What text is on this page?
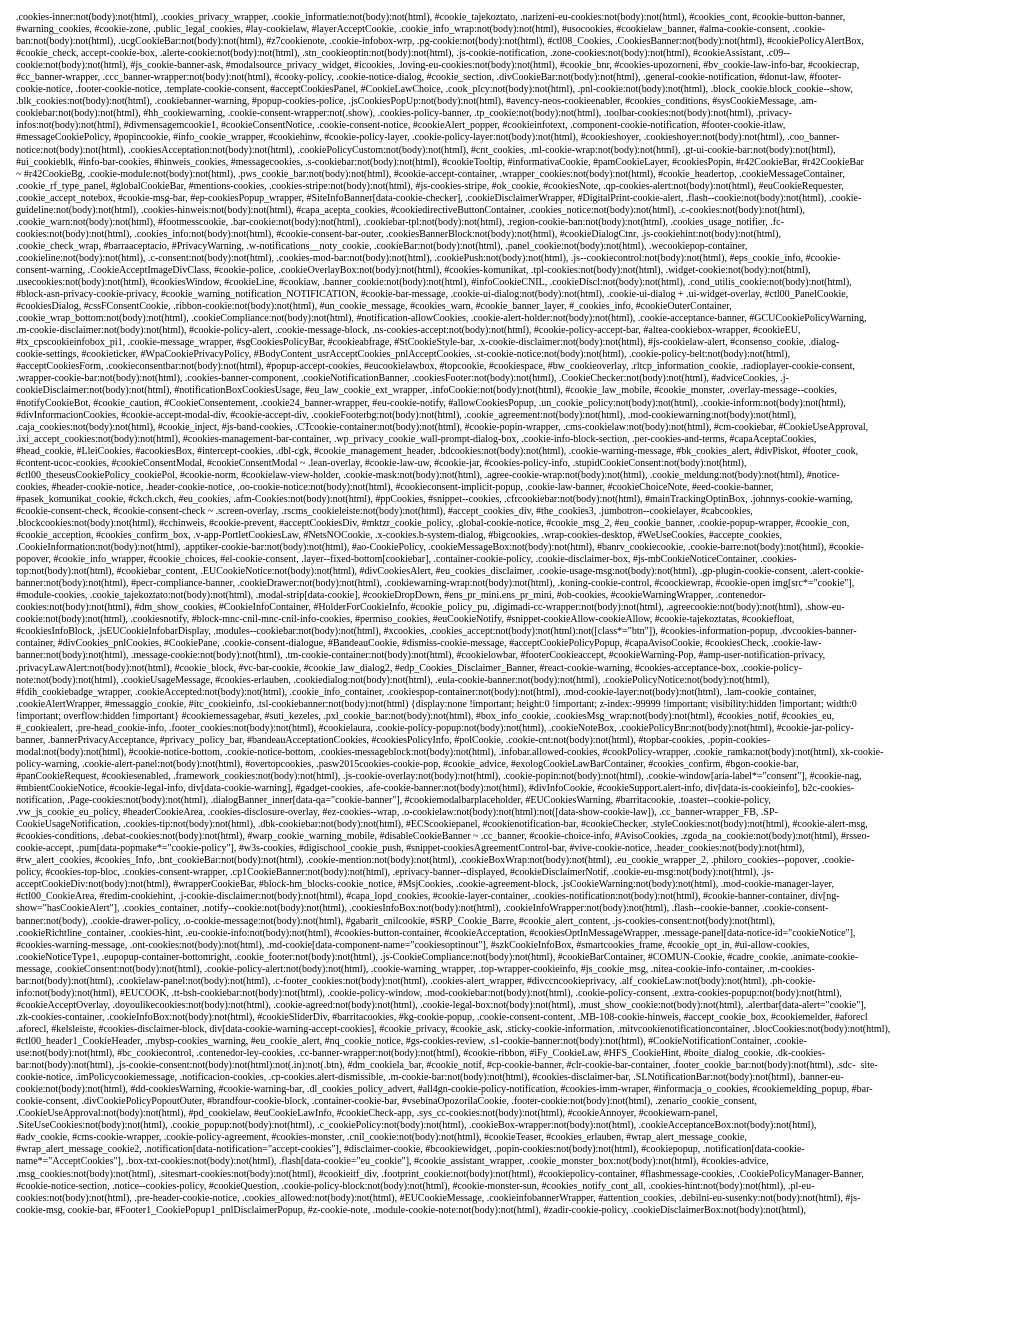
.cookies-inner:not(body):not(html), .cookies_privacy_wrapper, .cookie_informatie:not(body):not(html), #cookie_tajekoztato, .narizeni-eu-cookies:not(body):not(html), #cookies_cont, #cookie-button-banner,
#warning_cookies, #cookie-zone, .public_legal_cookies, #lay-cookielaw, #layerAcceptCookie, .cookie_info_wrap:not(body):not(html), #usocookies, #cookielaw_banner, #alma-cookie-consent, .cookie-
ban:not(body):not(html), .ucgCookieBar:not(body):not(html), #z7cookienote, .cookie-infobox-wrp, .pg-cookie:not(body):not(html), #ctl08_Cookies, .CookiesBanner:not(body):not(html), #cookiePolicyAlertBox,
#cookie_check, accept-cookie-box, .alerte-cookie:not(body):not(html), .stn_cookieoptin:not(body):not(html), .js-cookie-notification, .zone-cookies:not(body):not(html), #cookieAssistant, .c09--
cookie:not(body):not(html), #js_cookie-banner-ask, #modalsource_privacy_widget, #icookies, .loving-eu-cookies:not(body):not(html), #cookie_bnr, #cookies-upozorneni, #bv_cookie-law-info-bar, #cookiecrap,
#cc_banner-wrapper, .ccc_banner-wrapper:not(body):not(html), #cooky-policy, .cookie-notice-dialog, #cookie_section, .divCookieBar:not(body):not(html), .general-cookie-notification, #donut-law, #footer-
cookie-notice, .footer-cookie-notice, .template-cookie-consent, #acceptCookiesPanel, #CookieLawChoice, .cook_plcy:not(body):not(html), .pnl-cookie:not(body):not(html), .block_cookie.block_cookie--show,
.blk_cookies:not(body):not(html), .cookiebanner-warning, #popup-cookies-police, .jsCookiesPopUp:not(body):not(html), #avency-neos-cookieenabler, #cookies_conditions, #sysCookieMessage, .am-
cookiebar:not(body):not(html), #hh_cookiewarning, .cookie-consent-wrapper:not(.show), .cookies-policy-banner, .tp_cookie:not(body):not(html), .toolbar-cookies:not(body):not(html), .privacy-
infos:not(body):not(html), #divmensagemcookie1, #cookieConsentNotice, .cookie-consent-notice, #cookieAlert_popper, #cookieinfotext, .component-cookie-notification, #footer-cookie-itlaw,
#messageCookiePolicy, #popincookie, #info_cookie_wrapper, #cookiehinw, #cookie-policy-layer, .cookie-policy-layer:not(body):not(html), #cookieshoyer, .cookieshoyer:not(body):not(html), .coo_banner-
notice:not(body):not(html), .cookiesAcceptation:not(body):not(html), .cookiePolicyCustom:not(body):not(html), #cnt_cookies, .ml-cookie-wrap:not(body):not(html), .gt-ui-cookie-bar:not(body):not(html),
#ui_cookieblk, #info-bar-cookies, #hinweis_cookies, #messagecookies, .s-cookiebar:not(body):not(html), #cookieTooltip, #informativaCookie, #pamCookieLayer, #cookiesPopin, #r42CookieBar, #r42CookieBar
~ #r42CookieBg, .cookie-module:not(body):not(html), .pws_cookie_bar:not(body):not(html), #cookie-accept-container, .wrapper_cookies:not(body):not(html), #cookie_headertop, .cookieMessageContainer,
.cookie_rf_type_panel, #globalCookieBar, #mentions-cookies, .cookies-stripe:not(body):not(html), #js-cookies-stripe, #ok_cookie, #cookiesNote, .qp-cookies-alert:not(body):not(html), #euCookieRequester,
.cookie_accept_notebox, #cookie-msg-bar, #ep-cookiesPopup_wrapper, #SiteInfoBanner[data-cookie-checker], .cookieDisclaimerWrapper, #DigitalPrint-cookie-alert, .flash--cookie:not(body):not(html), .cookie-
guideline:not(body):not(html), .cookies-hinweis:not(body):not(html), #capa_acepta_cookies, #cookiedirectiveButtonContainer, .cookies_notice:not(body):not(html), .c-cookies:not(body):not(html),
.cookie_warn:not(body):not(html), #footmesscookie, .bar-cookie:not(body):not(html), .cookiebar-tpl:not(body):not(html), .region-cookie-ban:not(body):not(html), .cookies_usage_notifier, .fc-
cookies:not(body):not(html), .cookies_info:not(body):not(html), #cookie-consent-bar-outer, .cookiesBannerBlock:not(body):not(html), #cookieDialogCtnr, .js-cookiehint:not(body):not(html),
.cookie_check_wrap, #barraaceptacio, #PrivacyWarning, .w-notifications__noty_cookie, .cookieBar:not(body):not(html), .panel_cookie:not(body):not(html), .wecookiepop-container,
.cookieline:not(body):not(html), .c-consent:not(body):not(html), .cookies-mod-bar:not(body):not(html), .cookiePush:not(body):not(html), .js--cookiecontrol:not(body):not(html), #eps_cookie_info, #cookie-
consent-warning, .CookieAcceptImageDivClass, #cookie-police, .cookieOverlayBox:not(body):not(html), #cookies-komunikat, .tpl-cookies:not(body):not(html), .widget-cookie:not(body):not(html),
.usecookies:not(body):not(html), #cookiesWindow, #cookieLine, #cookiaw, .banner_cookie:not(body):not(html), #infoCookieCNIL, .cookieDiscl:not(body):not(html), .cond_utilis_cookie:not(body):not(html),
#block-asn-privacy-cookie-privacy, #cookie_warning_notification_NOTIFICATION, #cookie-bar-message, .cookie-ui-dialog:not(body):not(html), .cookie-ui-dialog + .ui-widget-overlay, #ctl00_PanelCookie,
#cookiesDialog, #cssFConsentCookie, .ribbon-cookie:not(body):not(html), #un_cookie_message, #cookies_warn, #cookie_banner_layer, #_cookies_info, #cookieOuterContainer,
.cookie_wrap_bottom:not(body):not(html), .cookieCompliance:not(body):not(html), #notification-allowCookies, .cookie-alert-holder:not(body):not(html), .cookie-acceptance-banner, #GCUCookiePolicyWarning,
.m-cookie-disclaimer:not(body):not(html), #cookie-policy-alert, .cookie-message-block, .ns-cookies-accept:not(body):not(html), #cookie-policy-accept-bar, #altea-cookiebox-wrapper, #cookieEU,
#tx_cpscookieinfobox_pi1, .cookie-message_wrapper, #sgCookiesPolicyBar, #cookieabfrage, #StCookieStyle-bar, .x-cookie-disclaimer:not(body):not(html), #js-cookielaw-alert, #consenso_cookie, .dialog-
cookie-settings, #cookieticker, #WpaCookiePrivacyPolicy, #BodyContent_usrAcceptCookies_pnlAcceptCookies, .st-cookie-notice:not(body):not(html), .cookie-policy-belt:not(body):not(html),
#acceptCookiesForm, .cookieconsentbar:not(body):not(html), #popup-accept-cookies, #eucookielawbox, #topcookie, #cookiespace, #bw_cookieoverlay, .rltcp_information_cookie, .radioplayer-cookie-consent,
.wrapper-cookie-bar:not(body):not(html), .cookies-banner-component, .cookieNotificationBanner, .cookiesFooter:not(body):not(html), .CookieChecker:not(body):not(html), #adviceCookies, .j-
cookieDisclaimer:not(body):not(html), #notificationBoxCookiesUsage, #eu_law_cookie_ext_wrapper, .infoCookie:not(body):not(html), #cookie_law_mobile, #cookie_monster, .overlay-message--cookies,
#notifyCookieBot, #cookie_caution, #CookieConsentement, .cookie24_banner-wrapper, #eu-cookie-notify, #allowCookiesPopup, .un_cookie_policy:not(body):not(html), .cookie-inform:not(body):not(html),
#divInformacionCookies, #cookie-accept-modal-div, #cookie-accept-div, .cookieFooterbg:not(body):not(html), .cookie_agreement:not(body):not(html), .mod-cookiewarning:not(body):not(html),
.caja_cookies:not(body):not(html), #cookie_inject, #js-band-cookies, .CTcookie-container:not(body):not(html), #cookie-popin-wrapper, .cms-cookielaw:not(body):not(html), #cm-cookiebar, #CookieUseApproval,
.ixi_accept_cookies:not(body):not(html), #cookies-management-bar-container, .wp_privacy_cookie_wall-prompt-dialog-box, .cookie-info-block-section, .per-cookies-and-terms, #capaAceptaCookies,
#head_cookie, #LleiCookies, #acookiesBox, #intercept-cookies, .dbl-cgk, #cookie_management_header, .bdcookies:not(body):not(html), .cookie-warning-message, #bk_cookies_alert, #divPiskot, #footer_cook,
#content-ucoc-cookies, #cookieConsentModal, #cookieConsentModal ~ .lean-overlay, #cookie-law-uw, #cookie-jar, #cookies-policy-info, .stupidCookieConsent:not(body):not(html),
#ctl00_theseusCookiePolicy_cookiePol, #cookie-norm, #cookielaw-view-holder, .cookie-mask:not(body):not(html), .agree-cookie-wrap:not(body):not(html), .cookie_meldung:not(body):not(html), #notice-
cookies, #header-cookie-notice, .header-cookie-notice, .oo-cookie-notice:not(body):not(html), #cookieconsent-implicit-popup, .cookie-law-banner, #cookieChoiceNote, #eed-cookie-banner,
#pasek_komunikat_cookie, #ckch.ckch, #eu_cookies, .afm-Cookies:not(body):not(html), #ppCookies, #snippet--cookies, .cfrcookiebar:not(body):not(html), #mainTrackingOptinBox, .johnnys-cookie-warning,
#cookie-consent-check, #cookie-consent-check ~ .screen-overlay, .rscms_cookieleiste:not(body):not(html), #accept_cookies_div, #the_cookies3, .jumbotron--cookielayer, #cabcookies,
.blockcookies:not(body):not(html), #cchinweis, #cookie-prevent, #acceptCookiesDiv, #mktzr_cookie_policy, .global-cookie-notice, #cookie_msg_2, #eu_cookie_banner, .cookie-popup-wrapper, #cookie_con,
#cookie_acception, #cookies_confirm_box, .v-app-PortletCookiesLaw, #NetsNOCookie, .x-cookies.b-system-dialog, #bigcookies, .wrap-cookies-desktop, #WeUseCookies, #accepte_cookies,
.CookieInformation:not(body):not(html), .apptiker-cookie-bar:not(body):not(html), #ao-CookiePolicy, .cookieMessageBox:not(body):not(html), #banrv_cookiecookie, .cookie-barre:not(body):not(html), #cookie-
popover, #cookie_info_wrapper, #cookie_choices, #el-cookie-consent, .layer--fixed-bottom[cookiebar], .container-cookie-policy, .cookie-disclaimer-box, #js-mbCookieNoticeContainer, .cookies-
top:not(body):not(html), #cookiebar_content, .EUCookieNotice:not(body):not(html), #divCookiesAlert, #eu_cookies_disclaimer, .cookie-usage-msg:not(body):not(html), .gp-plugin-cookie-consent, .alert-cookie-
banner:not(body):not(html), #pecr-compliance-banner, .cookieDrawer:not(body):not(html), .cookiewarning-wrap:not(body):not(html), .koning-cookie-control, #coockiewrap, #cookie-open img[src*="cookie"],
#module-cookies, .cookie_tajekoztato:not(body):not(html), .modal-strip[data-cookie], #cookieDropDown, #ens_pr_mini.ens_pr_mini, #ob-cookies, #cookieWarningWrapper, .contenedor-
cookies:not(body):not(html), #dm_show_cookies, #CookieInfoContainer, #HolderForCookieInfo, #cookie_policy_pu, .digimadi-cc-wrapper:not(body):not(html), .agreecookie:not(body):not(html), .show-eu-
cookie:not(body):not(html), .cookiesnotify, #block-mnc-cnil-mnc-cnil-info-cookies, #permiso_cookies, #euCookieNotify, #snippet-cookieAllow-cookieAllow, #cookie-tajekoztatas, #cookiefloat,
#cookiesInfoBlock, .jsEUCookieInfobarDisplay, .modules--cookiebar:not(body):not(html), #xcookies, .cookies_accept:not(body):not(html):not([class*="btn"]), #cookies-information-popup, .dvcookies-banner-
container, #divCookies_pnlCookies, #CookiePane, .cookie-consent-dialogue, #BandeauCookie, #dismiss-cookie-message, #acceptCookiePolicyPopup, #capaAvisoCookie, #cookiesCheck, .cookie-law-
banner:not(body):not(html), .message-cookie:not(body):not(html), .tm-cookie-container:not(body):not(html), #cookielowbar, #footerCookieaccept, #cookieWarning-Pop, #amp-user-notification-privacy,
.privacyLawAlert:not(body):not(html), #cookie_block, #vc-bar-cookie, #cookie_law_dialog2, #edp_Cookies_Disclaimer_Banner, #react-cookie-warning, #cookies-acceptance-box, .cookie-policy-
note:not(body):not(html), .cookieUsageMessage, #cookies-erlauben, .cookiedialog:not(body):not(html), .eula-cookie-banner:not(body):not(html), .cookiePolicyNotice:not(body):not(html),
#fdih_cookiebadge_wrapper, .cookieAccepted:not(body):not(html), .cookie_info_container, .cookiespop-container:not(body):not(html), .mod-cookie-layer:not(body):not(html), .lam-cookie_container,
.cookieAlertWrapper, #messaggio_cookie, #itc_cookieinfo, .tsl-cookiebanner:not(body):not(html) {display:none !important; height:0 !important; z-index:-99999 !important; visibility:hidden !important; width:0
!important; overflow:hidden !important} #cookiemessagebar, #suti_kezeles, .pxl_cookie_bar:not(body):not(html), #box_info_cookie, .cookiesMsg_wrap:not(body):not(html), #cookies_notif, #cookies_eu,
#_cookiealert, .pre-head_cookie-info, .footer_cookies:not(body):not(html), #cookielaura, .cookie-policy-popup:not(body):not(html), .cookieNoteBox, .cookiePolicyBnr:not(body):not(html), #cookie-jar-policy-
banner, .bannerPrivacyAcceptance, #privacy_policy_bar, #bandeauAcceptationCookies, #cookiesPolicyInfo, #polCookie, .cookie-cnt:not(body):not(html), #topbar-cookies, .popin-cookies-
modal:not(body):not(html), #cookie-notice-bottom, .cookie-notice-bottom, .cookies-messageblock:not(body):not(html), .infobar.allowed-cookies, #cookPolicy-wrapper, .cookie_ramka:not(body):not(html), xk-cookie-
policy-warning, .cookie-alert-panel:not(body):not(html), #overtopcookies, .pasw2015cookies-cookie-pop, #cookie_advice, #exologCookieLawBarContainer, #cookies_confirm, #bgon-cookie-bar,
#panCookieRequest, #cookiesenabled, .framework_cookies:not(body):not(html), .js-cookie-overlay:not(body):not(html), .cookie-popin:not(body):not(html), .cookie-window[aria-label*="consent"], #cookie-nag,
#mbientCookieNotice, #cookie-legal-info, div[data-cookie-warning], #gadget-cookies, .afe-cookie-banner:not(body):not(html), #divInfoCookie, #cookieSupport.alert-info, div[data-is-cookieinfo], b2c-cookies-
notification, .Page-cookies:not(body):not(html), .dialogBanner_inner[data-qa="cookie-banner"], #cookiemodalbarplaceholder, #EUCookiesWarning, #barritacookie, .toaster--cookie-policy,
.vw_js_cookie_eu_policy, #headerCookieArea, .cookies-disclosure-overlay, #ez-cookies--wrap, .o-cookielaw:not(body):not(html):not([data-show-cookie-law]), .cc_banner-wrapper_FB, .SP-
CookieUsageNotification, .cookies-tip:not(body):not(html), .dbk-cookiebar:not(body):not(html), #ECScookiepanel, #cookienotification-bar, #cookieChecker, .styleCookies:not(body):not(html), #cookie-alert-msg,
#cookies-conditions, .debat-cookies:not(body):not(html), #warp_cookie_warning_mobile, #disableCookieBanner ~ .cc_banner, #cookie-choice-info, #AvisoCookies, .zgoda_na_cookie:not(body):not(html), #rsseo-
cookie-accept, .pum[data-popmake*="cookie-policy"], #w3s-cookies, #digischool_cookie_push, #snippet-cookiesAgreementControl-bar, #vive-cookie-notice, .header_cookies:not(body):not(html),
#rw_alert_cookies, #cookies_Info, .bnt_cookieBar:not(body):not(html), .cookie-mention:not(body):not(html), .cookieBoxWrap:not(body):not(html), .eu_cookie_wrapper_2, .philoro_cookies--popover, .cookie-
policy, #cookies-top-bloc, .cookies-consent-wrapper, .cp1CookieBanner:not(body):not(html), .eprivacy-banner--displayed, #cookieDisclaimerNotif, .cookie-eu-msg:not(body):not(html), .js-
acceptCookieDiv:not(body):not(html), #wrapperCookieBar, #block-hm_blocks-cookie_notice, #MsjCookies, .cookie-agreement-block, .jsCookieWarning:not(body):not(html), .mod-cookie-manager-layer,
#ctl00_CookieArea, #redim-cookiehint, .j-cookie-disclaimer:not(body):not(html), #capa_lopd_cookies, #cookie-layer-container, .cookies-notification:not(body):not(html), #cookie-banner-container, div[ng-
show="hasCookieAlert"], .cookies_container, .notify--cookie:not(body):not(html), .cookiesInfoBox:not(body):not(html), .cookieInfoWrapper:not(body):not(html), .flash--cookie-banner, .cookie-consent-
banner:not(body), .cookie-drawer-policy, .o-cookie-message:not(body):not(html), #gabarit_cnilcookie, #SRP_Cookie_Barre, #cookie_alert_content, .js-cookies-consent:not(body):not(html),
.cookieRichtline_container, .cookies-hint, .eu-cookie-info:not(body):not(html), #cookies-button-container, #cookieAcceptation, #cookiesOptInMessageWrapper, .message-panel[data-notice-id="cookieNotice"],
#cookies-warning-message, .ont-cookies:not(body):not(html), .md-cookie[data-component-name="cookiesoptinout"], #szkCookieInfoBox, #smartcookies_frame, #cookie_opt_in, #ui-allow-cookies,
.cookieNoticeType1, .eupopup-container-bottomright, .cookie_footer:not(body):not(html), .js-CookieCompliance:not(body):not(html), #cookieBarContainer, #COMUN-Cookie, #cadre_cookie, .animate-cookie-
message, .cookieConsent:not(body):not(html), .cookie-policy-alert:not(body):not(html), .cookie-warning_wrapper, .top-wrapper-cookieinfo, #js_cookie_msg, .nitea-cookie-info-container, .m-cookies-
bar:not(body):not(html), .cookielaw-panel:not(body):not(html), .c-footer_cookies:not(body):not(html), .cookies-alert_wrapper, #divccncookieprivacy, .alf_cookieLaw:not(body):not(html), .ph-cookie-
info:not(body):not(html), #EUCOOK, .tt-bsh-cookiebar:not(body):not(html), .cookie-policy-window, .mod-cookiebar:not(body):not(html), .cookie-policy-consent, .extra-cookies-popup:not(body):not(html),
#cookieAcceptOverlay, .doyoulikecookies:not(body):not(html), .cookie-agreed:not(body):not(html), .cookie-legal-box:not(body):not(html), .must_show_cookie:not(body):not(html), .alertbar[data-alert="cookie"],
.zk-cookies-container, .cookieInfoBox:not(body):not(html), #cookieSliderDiv, #barritacookies, #kg-cookie-popup, .cookie-consent-content, .MB-108-cookie-hinweis, #accept_cookie_box, #cookiemelder, #aforecl
.aforecl, #kelsleiste, #cookies-disclaimer-block, div[data-cookie-warning-accept-cookies], #cookie_privacy, #cookie_ask, .sticky-cookie-information, .mitvcookienotificationcontainer, .blocCookies:not(body):not(html),
#ctl00_header1_CookieHeader, .mybsp-cookies_warning, #eu_cookie_alert, #nq_cookie_notice, #gs-cookies-review, .s1-cookie-banner:not(body):not(html), #CookieNotificationContainer, .cookie-
use:not(body):not(html), #bc_cookiecontrol, .contenedor-ley-cookies, .cc-banner-wrapper:not(body):not(html), #cookie-ribbon, #iFy_CookieLaw, #HFS_CookieHint, #boite_dialog_cookie, .dk-cookies-
bar:not(body):not(html), .js-cookie-consent:not(body):not(html):not(.in):not(.btn), #dm_cookiela_bar, #cookie_notif, #cp-cookie-banner, #clr-cookie-bar-container, .footer_cookie_bar:not(body):not(html), .sdc-  site-
cookie-notice, .imPolicycookiemessage, .notificacion-cookies, .cp-cookies.alert-dismissible, .m-cookie-bar:not(body):not(html), #cookies-disclaimer-bar, .SLNotificationBar:not(body):not(html), .banner-eu-
cookie:not(body):not(html), #dd-cookiesWarning, #cookie-warning-bar, .dl_cookies_policy_advert, #all4gn-cookie-policy-notification, #cookies-imm-wraper, #informacja_o_cookies, #cookiemelding_popup, #bar-
cookie-consent, .divCookiePolicyPopoutOuter, #brandfour-cookie-block, .container-cookie-bar, #vsebinaOpozorilaCookie, .footer-cookie:not(body):not(html), .zenario_cookie_consent,
.CookieUseApproval:not(body):not(html), #pd_cookielaw, #euCookieLawInfo, #cookieCheck-app, .sys_cc-cookies:not(body):not(html), #cookieAnnoyer, #cookiewarn-panel,
.SiteUseCookies:not(body):not(html), .cookie_popup:not(body):not(html), .c_cookiePolicy:not(body):not(html), .cookieBox-wrapper:not(body):not(html), .cookieAcceptanceBox:not(body):not(html),
#adv_cookie, #cms-cookie-wrapper, .cookie-policy-agreement, #cookies-monster, .cnil_cookie:not(body):not(html), #cookieTeaser, #cookies_erlauben, #wrap_alert_message_cookie,
#wrap_alert_message_cookie2, .notification[data-notification="accept-cookies"], #disclaimer-cookie, #bcookiewidget, .popin-cookies:not(body):not(html), #cookiepopup, .notification[data-cookie-
name*="AcceptCookies"], .box-txt-cookies:not(body):not(html), .flash[data-cookie="eu_cookie"], #cookie_assistant_wrapper, .cookie_monster_box:not(body):not(html), #cookies-advice,
.msg_cookies:not(body):not(html), .sitesmart-cookies:not(body):not(html), #cookieitf_div, .footprint_cookie:not(body):not(html), #cookiepolicy-container, #flashmessage-cookies, .CookiePolicyManager-Banner,
#cookie-notice-section, .notice--cookies-policy, #cookieQuestion, .cookie-policy-block:not(body):not(html), #cookie-monster-sun, #cookies_notify_cont_all, .cookies-hint:not(body):not(html), .pl-eu-
cookies:not(body):not(html), .pre-header-cookie-notice, .cookies_allowed:not(body):not(html), #EUCookieMessage, .cookieinfobannerWrapper, #attention_cookies, .debilni-eu-susenky:not(body):not(html), #js-
cookie-msg, cookie-bar, #Footer1_CookiePopup1_pnlDisclaimerPopup, #z-cookie-note, .module-cookie-note:not(body):not(html), #zadir-cookie-policy, .cookieDisclaimerBox:not(body):not(html),
